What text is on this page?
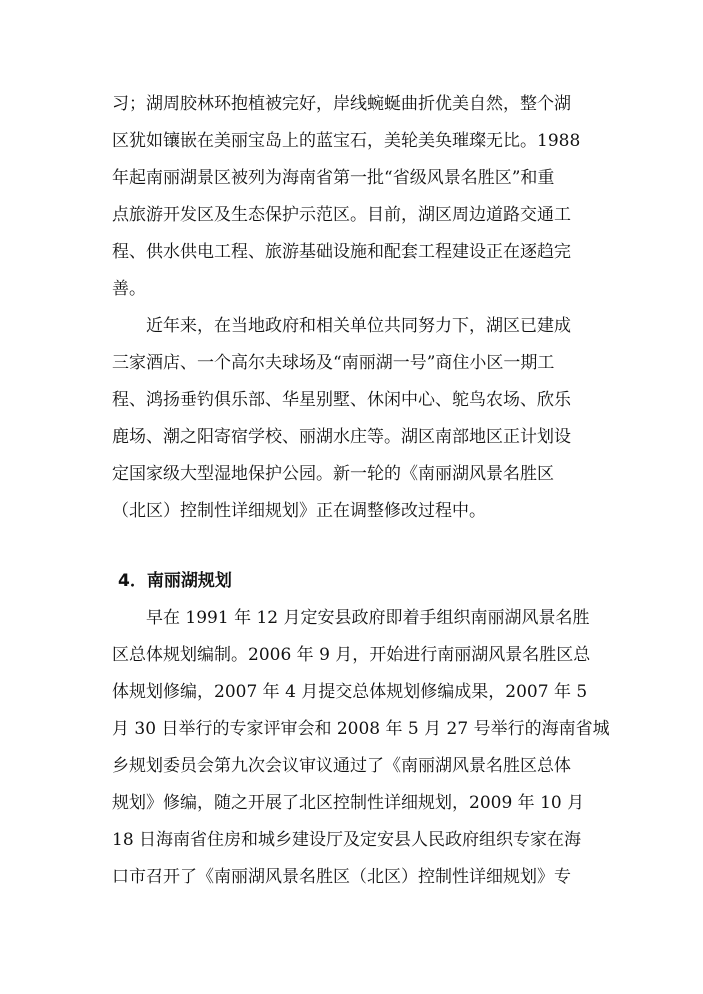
习；湖周胶林环抱植被完好，岸线蜿蜒曲折优美自然，整个湖
区犹如镶嵌在美丽宝岛上的蓝宝石，美轮美奂璀璨无比。1988
年起南丽湖景区被列为海南省第一批“省级风景名胜区”和重
点旅游开发区及生态保护示范区。目前，湖区周边道路交通工
程、供水供电工程、旅游基础设施和配套工程建设正在逐趋完
善。
近年来，在当地政府和相关单位共同努力下，湖区已建成
三家酒店、一个高尔夫球场及“南丽湖一号”商住小区一期工
程、鸿扬垂钓俱乐部、华星别墅、休闲中心、鸵鸟农场、欣乐
鹿场、潮之阳寄宿学校、丽湖水庄等。湖区南部地区正计划设
定国家级大型湿地保护公园。新一轮的《南丽湖风景名胜区
（北区）控制性详细规划》正在调整修改过程中。
4．南丽湖规划
早在 1991 年 12 月定安县政府即着手组织南丽湖风景名胜
区总体规划编制。2006 年 9 月，开始进行南丽湖风景名胜区总
体规划修编，2007 年 4 月提交总体规划修编成果，2007 年 5
月 30 日举行的专家评审会和 2008 年 5 月 27 号举行的海南省城
乡规划委员会第九次会议审议通过了《南丽湖风景名胜区总体
规划》修编，随之开展了北区控制性详细规划，2009 年 10 月
18 日海南省住房和城乡建设厅及定安县人民政府组织专家在海
口市召开了《南丽湖风景名胜区（北区）控制性详细规划》专
